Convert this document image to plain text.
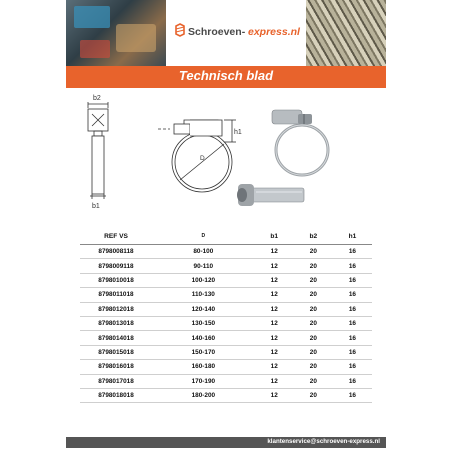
Schroeven- express.nl
Technisch blad
b2
b1
D
h1
REF VS	D	b1	b2	h1
8798008118	80-100	12	20	16
8798009118	90-110	12	20	16
8798010018	100-120	12	20	16
8798011018	110-130	12	20	16
8798012018	120-140	12	20	16
8798013018	130-150	12	20	16
8798014018	140-160	12	20	16
8798015018	150-170	12	20	16
8798016018	160-180	12	20	16
8798017018	170-190	12	20	16
8798018018	180-200	12	20	16
klantenservice@schroeven-express.nl
